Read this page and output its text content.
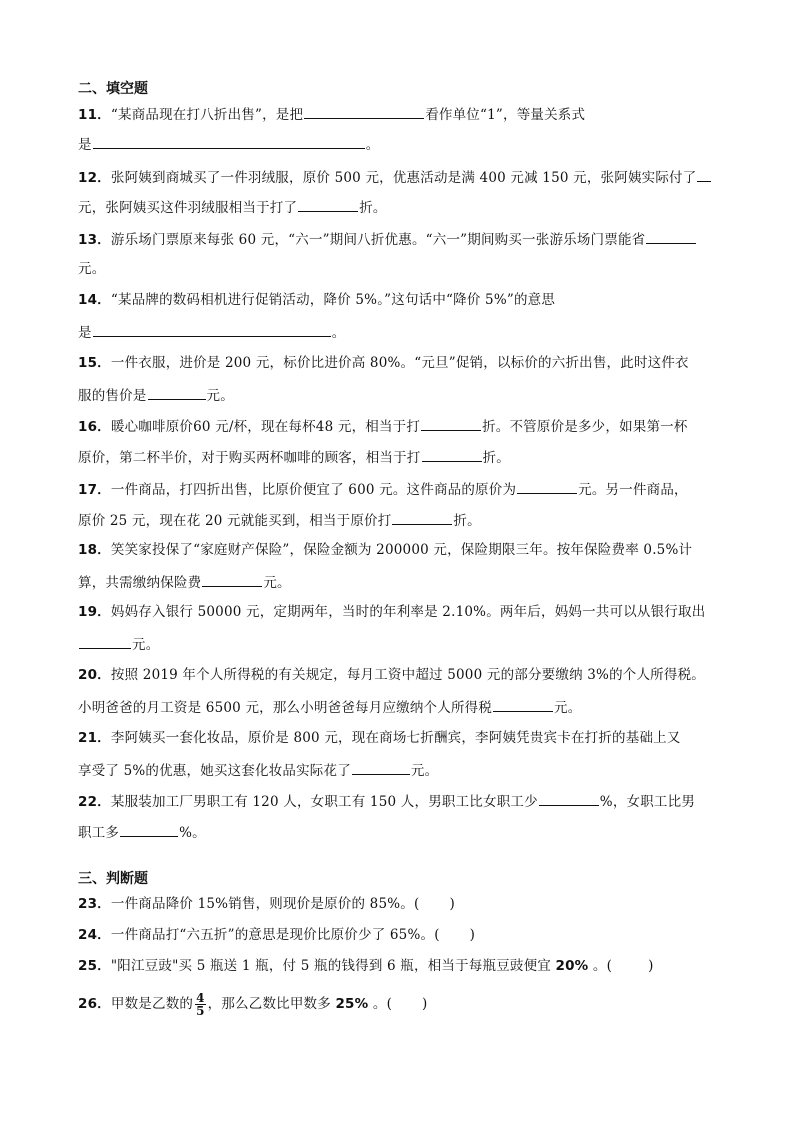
二、填空题
11．“某商品现在打八折出售”，是把	看作单位“1”，等量关系式
是	。
12．张阿姨到商城买了一件羽绒服，原价 500 元，优惠活动是满 400 元减 150 元，张阿姨实际付了
元，张阿姨买这件羽绒服相当于打了	折。
13．游乐场门票原来每张 60 元，“六一”期间八折优惠。“六一”期间购买一张游乐场门票能省
元。
14．“某品牌的数码相机进行促销活动，降价 5%。”这句话中“降价 5%”的意思
是	。
15．一件衣服，进价是 200 元，标价比进价高 80%。“元旦”促销，以标价的六折出售，此时这件衣
服的售价是	元。
16．暖心咖啡原价60 元/杯，现在每杯48 元，相当于打	折。不管原价是多少，如果第一杯
原价，第二杯半价，对于购买两杯咖啡的顾客，相当于打	折。
17．一件商品，打四折出售，比原价便宜了 600 元。这件商品的原价为	元。另一件商品，
原价 25 元，现在花 20 元就能买到，相当于原价打	折。
18．笑笑家投保了“家庭财产保险”，保险金额为 200000 元，保险期限三年。按年保险费率 0.5%计
算，共需缴纳保险费	元。
19．妈妈存入银行 50000 元，定期两年，当时的年利率是 2.10%。两年后，妈妈一共可以从银行取出
元。
20．按照 2019 年个人所得税的有关规定，每月工资中超过 5000 元的部分要缴纳 3%的个人所得税。
小明爸爸的月工资是 6500 元，那么小明爸爸每月应缴纳个人所得税	元。
21．李阿姨买一套化妆品，原价是 800 元，现在商场七折酬宾，李阿姨凭贵宾卡在打折的基础上又
享受了 5%的优惠，她买这套化妆品实际花了	元。
22．某服装加工厂男职工有 120 人，女职工有 150 人，男职工比女职工少	%，女职工比男
职工多	%。
三、判断题
23．一件商品降价 15%销售，则现价是原价的 85%。( )
24．一件商品打“六五折”的意思是现价比原价少了 65%。( )
25．"阳江豆豉"买 5 瓶送 1 瓶，付 5 瓶的钱得到 6 瓶，相当于每瓶豆豉便宜 20% 。(	)
26．甲数是乙数的 $\frac{4}{5}$ ，那么乙数比甲数多 25% 。( )
